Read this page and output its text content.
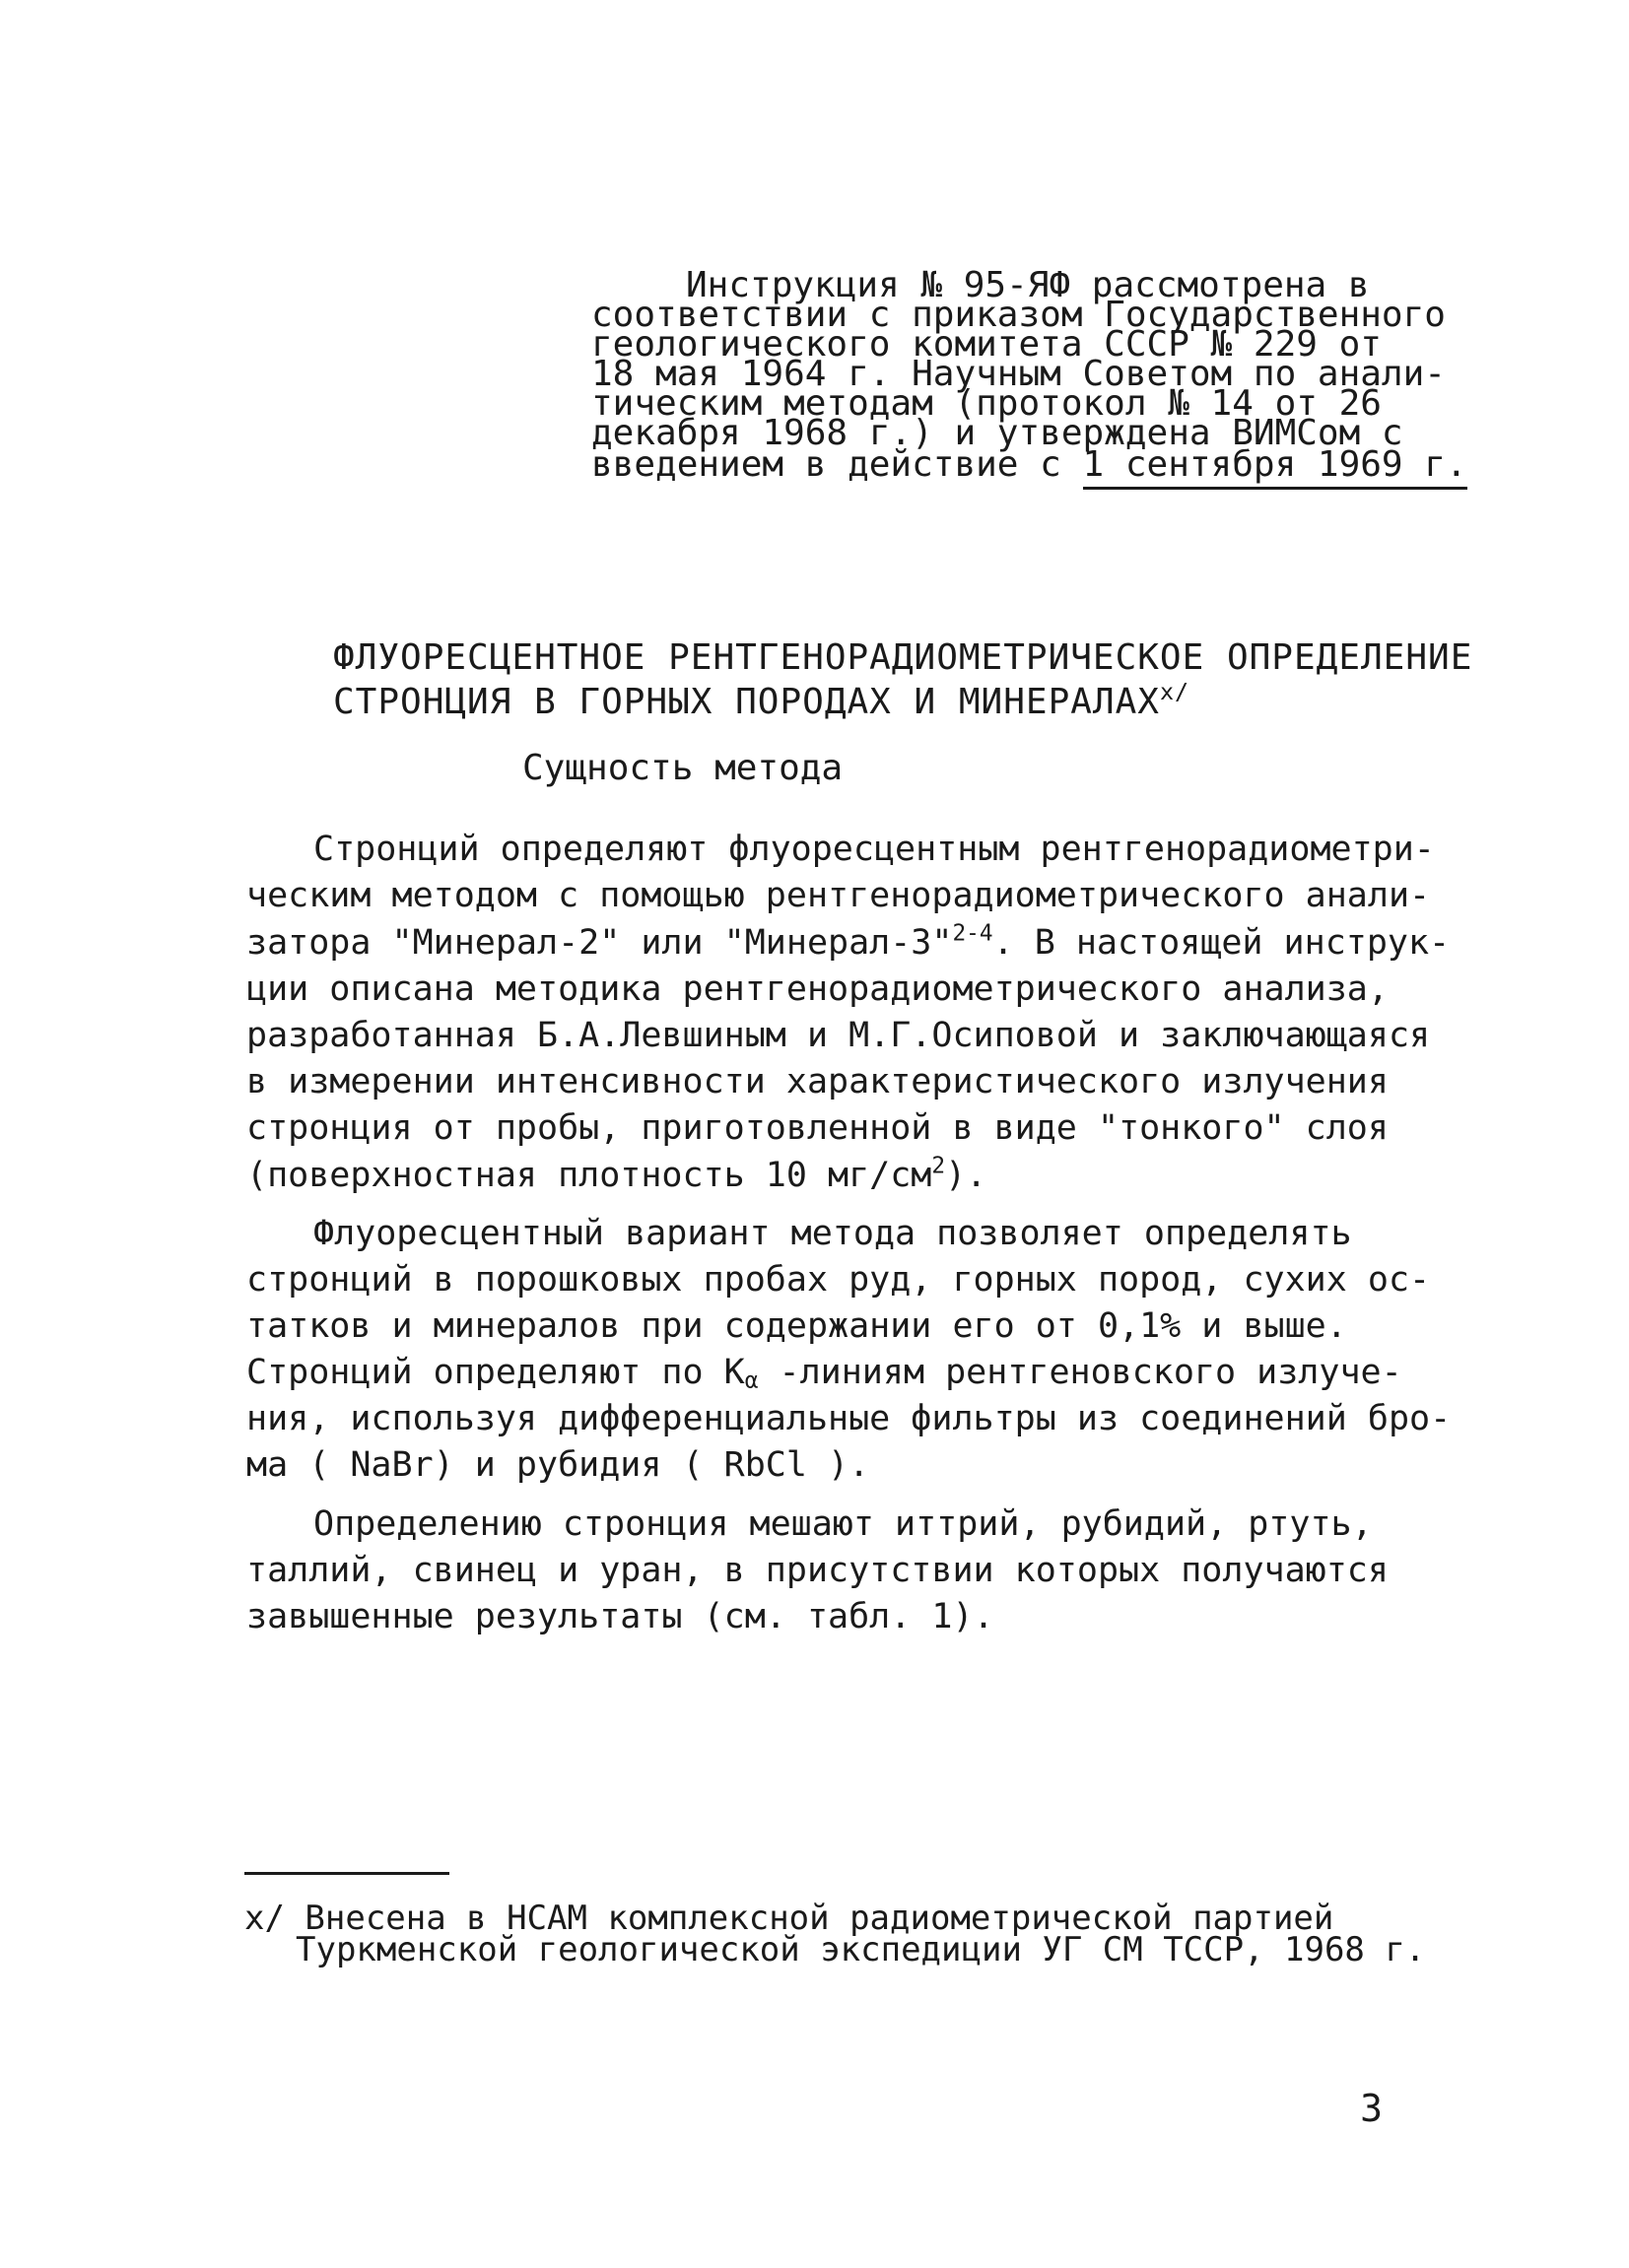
Инструкция № 95-ЯФ рассмотрена в
соответствии с приказом Государственного
геологического комитета СССР № 229 от
18 мая 1964 г. Научным Советом по анали-
тическим методам (протокол № 14 от 26
декабря 1968 г.) и утверждена ВИМСом с
введением в действие с 1 сентября 1969 г.
ФЛУОРЕСЦЕНТНОЕ РЕНТГЕНОРАДИОМЕТРИЧЕСКОЕ ОПРЕДЕЛЕНИЕ
СТРОНЦИЯ В ГОРНЫХ ПОРОДАХ И $МИНЕРАЛАХ^{х/}$
Сущность метода
Стронций определяют флуоресцентным рентгенорадиометри-
ческим методом с помощью рентгенорадиометрического анали-
затора "Минерал-2" или "Минерал-3"$^{2-4}$. В настоящей инструк-
ции описана методика рентгенорадиометрического анализа,
разработанная Б.А.Левшиным и М.Г.Осиповой и заключающаяся
в измерении интенсивности характеристического излучения
стронция от пробы, приготовленной в виде "тонкого" слоя
(поверхностная плотность 10 $мг/см^2$).
Флуоресцентный вариант метода позволяет определять
стронций в порошковых пробах руд, горных пород, сухих ос-
татков и минералов при содержании его от 0,1% и выше.
Стронций определяют по $К_\alpha$ -линиям рентгеновского излуче-
ния, используя дифференциальные фильтры из соединений бро-
ма ( NaBr) и рубидия ( RbCl ).
Определению стронция мешают иттрий, рубидий, ртуть,
таллий, свинец и уран, в присутствии которых получаются
завышенные результаты (см. табл. 1).
х/ Внесена в НСАМ комплексной радиометрической партией
Туркменской геологической экспедиции УГ СМ ТССР, 1968 г.
3
